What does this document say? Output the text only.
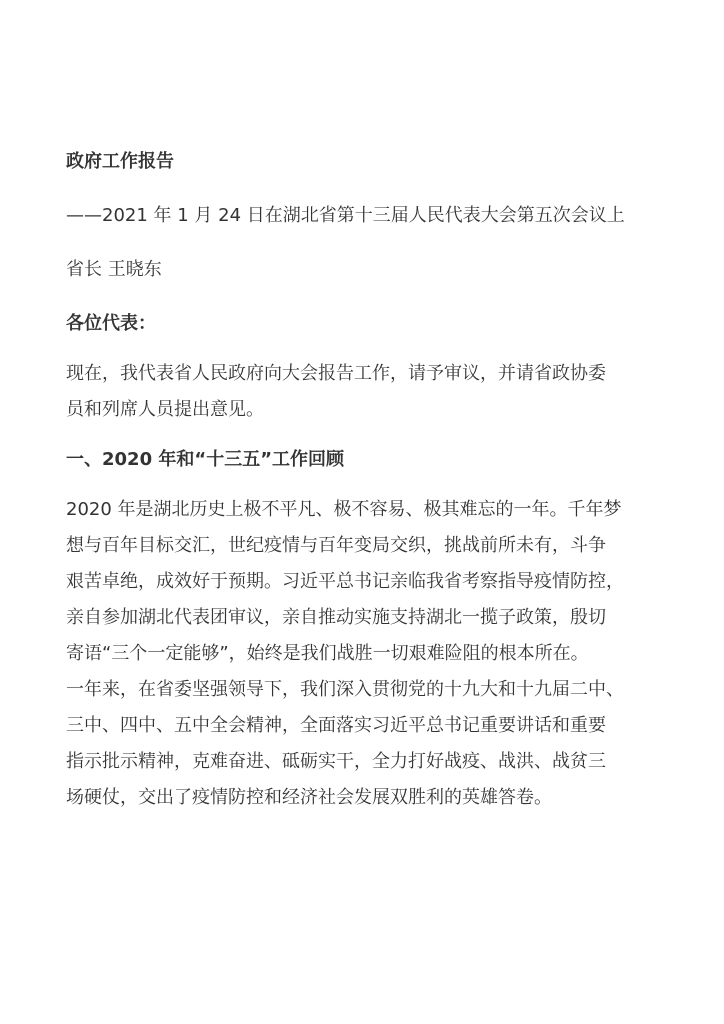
政府工作报告
——2021 年 1 月 24 日在湖北省第十三届人民代表大会第五次会议上
省长 王晓东
各位代表：

现在，我代表省人民政府向大会报告工作，请予审议，并请省政协委
员和列席人员提出意见。

一、2020 年和“十三五”工作回顾

2020 年是湖北历史上极不平凡、极不容易、极其难忘的一年。千年梦
想与百年目标交汇，世纪疫情与百年变局交织，挑战前所未有，斗争
艰苦卓绝，成效好于预期。习近平总书记亲临我省考察指导疫情防控，
亲自参加湖北代表团审议，亲自推动实施支持湖北一揽子政策，殷切
寄语“三个一定能够”，始终是我们战胜一切艰难险阻的根本所在。
一年来，在省委坚强领导下，我们深入贯彻党的十九大和十九届二中、
三中、四中、五中全会精神，全面落实习近平总书记重要讲话和重要
指示批示精神，克难奋进、砥砺实干，全力打好战疫、战洪、战贫三
场硬仗，交出了疫情防控和经济社会发展双胜利的英雄答卷。
